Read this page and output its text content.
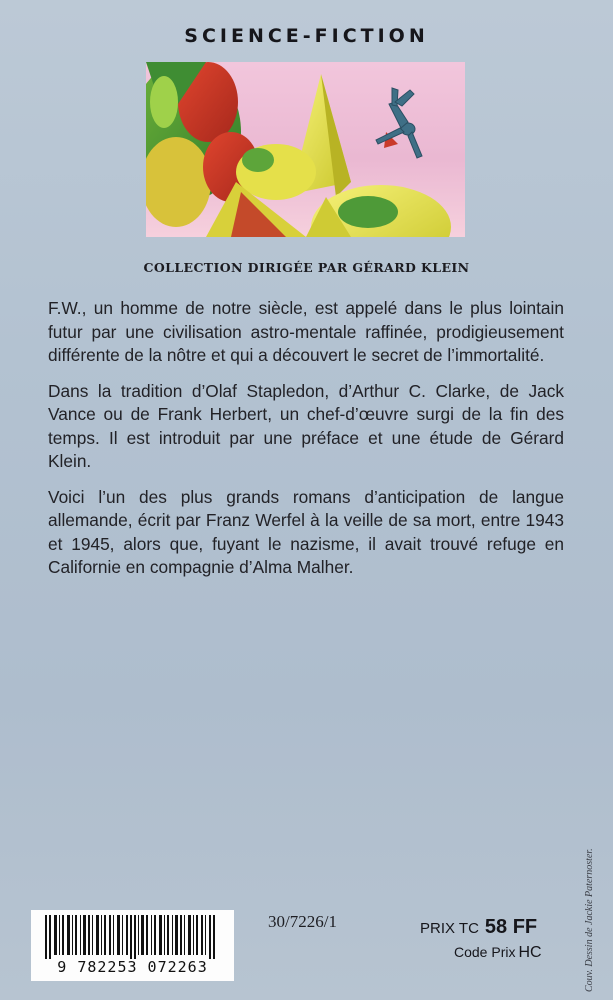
SCIENCE-FICTION
COLLECTION DIRIGÉE PAR GÉRARD KLEIN

F.W., un homme de notre siècle, est appelé dans le plus lointain futur par une civilisation astro-mentale raffinée, prodigieusement différente de la nôtre et qui a découvert le secret de l’immortalité.

Dans la tradition d’Olaf Stapledon, d’Arthur C. Clarke, de Jack Vance ou de Frank Herbert, un chef-d’œuvre surgi de la fin des temps. Il est introduit par une préface et une étude de Gérard Klein.

Voici l’un des plus grands romans d’anticipation de langue allemande, écrit par Franz Werfel à la veille de sa mort, entre 1943 et 1945, alors que, fuyant le nazisme, il avait trouvé refuge en Californie en compagnie d’Alma Malher.

Couv. Dessin de Jackie Paternoster.
9 782253 072263
30/7226/1	PRIX TC 58 FF
Code Prix HC
